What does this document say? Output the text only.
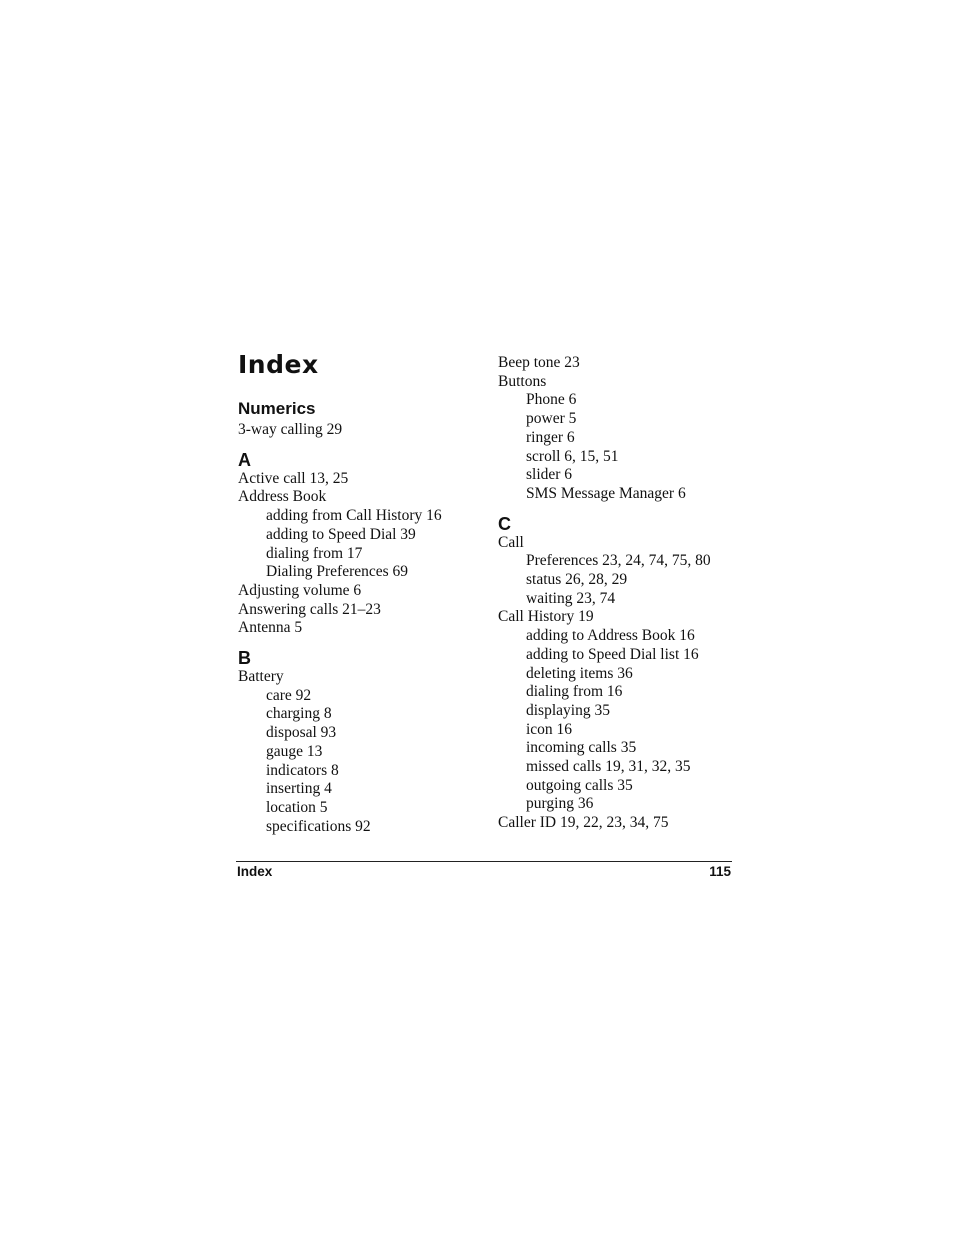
Index
Numerics
3-way calling 29
A
Active call 13, 25
Address Book
adding from Call History 16
adding to Speed Dial 39
dialing from 17
Dialing Preferences 69
Adjusting volume 6
Answering calls 21–23
Antenna 5
B
Battery
care 92
charging 8
disposal 93
gauge 13
indicators 8
inserting 4
location 5
specifications 92
Beep tone 23
Buttons
Phone 6
power 5
ringer 6
scroll 6, 15, 51
slider 6
SMS Message Manager 6
C
Call
Preferences 23, 24, 74, 75, 80
status 26, 28, 29
waiting 23, 74
Call History 19
adding to Address Book 16
adding to Speed Dial list 16
deleting items 36
dialing from 16
displaying 35
icon 16
incoming calls 35
missed calls 19, 31, 32, 35
outgoing calls 35
purging 36
Caller ID 19, 22, 23, 34, 75
Index	115
